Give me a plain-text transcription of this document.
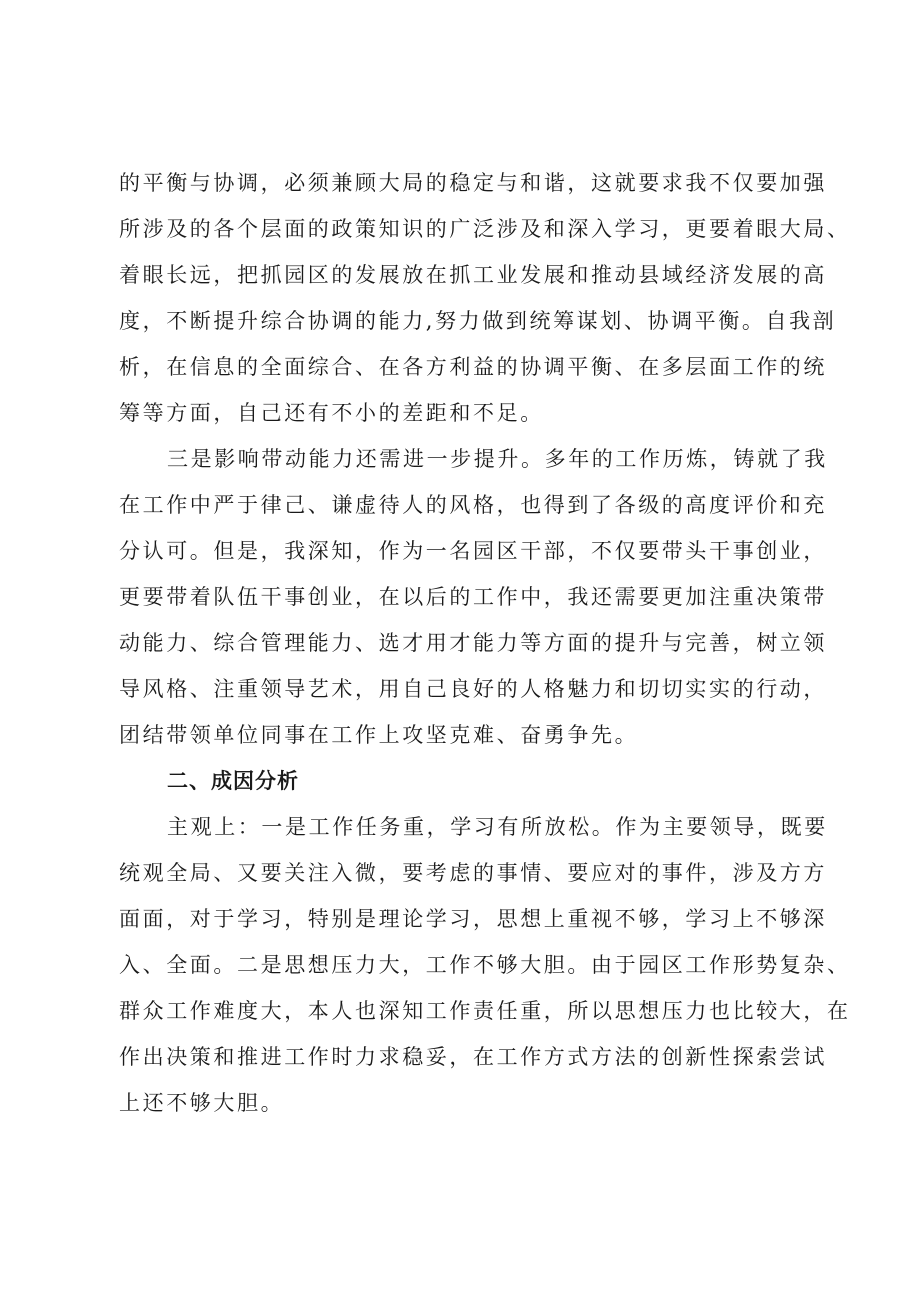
的平衡与协调，必须兼顾大局的稳定与和谐，这就要求我不仅要加强
所涉及的各个层面的政策知识的广泛涉及和深入学习，更要着眼大局、
着眼长远，把抓园区的发展放在抓工业发展和推动县域经济发展的高
度，不断提升综合协调的能力,努力做到统筹谋划、协调平衡。自我剖
析，在信息的全面综合、在各方利益的协调平衡、在多层面工作的统
筹等方面，自己还有不小的差距和不足。
三是影响带动能力还需进一步提升。多年的工作历炼，铸就了我
在工作中严于律己、谦虚待人的风格，也得到了各级的高度评价和充
分认可。但是，我深知，作为一名园区干部，不仅要带头干事创业，
更要带着队伍干事创业，在以后的工作中，我还需要更加注重决策带
动能力、综合管理能力、选才用才能力等方面的提升与完善，树立领
导风格、注重领导艺术，用自己良好的人格魅力和切切实实的行动，
团结带领单位同事在工作上攻坚克难、奋勇争先。
二、成因分析
主观上：一是工作任务重，学习有所放松。作为主要领导，既要
统观全局、又要关注入微，要考虑的事情、要应对的事件，涉及方方
面面，对于学习，特别是理论学习，思想上重视不够，学习上不够深
入、全面。二是思想压力大，工作不够大胆。由于园区工作形势复杂、
群众工作难度大，本人也深知工作责任重，所以思想压力也比较大，在
作出决策和推进工作时力求稳妥，在工作方式方法的创新性探索尝试
上还不够大胆。
